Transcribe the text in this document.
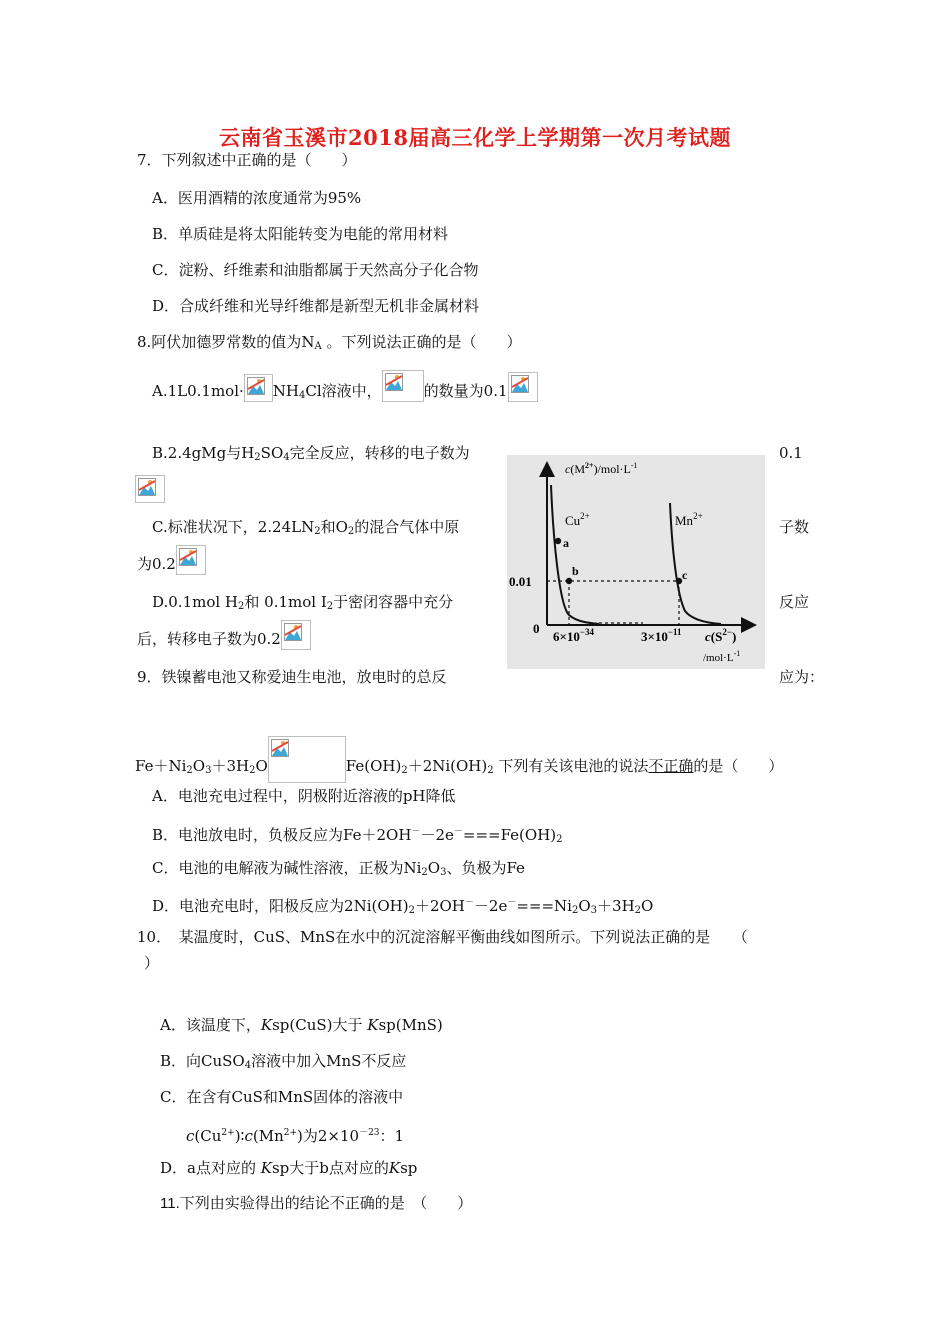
云南省玉溪市2018届高三化学上学期第一次月考试题
7．下列叙述中正确的是（　　）
A．医用酒精的浓度通常为95%
B．单质硅是将太阳能转变为电能的常用材料
C．淀粉、纤维素和油脂都属于天然高分子化合物
D．合成纤维和光导纤维都是新型无机非金属材料
8.阿伏加德罗常数的值为$N_A$ 。下列说法正确的是（　　）
$A.1L0.1mol\cdot NH_4Cl$溶液中，	的数量为0.1
B.2.4gMg与$H_2SO_4$完全反应，转移的电子数为	0.1
C.标准状况下，$2.24LN_2$和$O_2$的混合气体中原	子数
为0.2
D.0.1mol $H_2$和 0.1mol $I_2$于密闭容器中充分	反应
后，转移电子数为0.2
a
b	c
$c(M^{2+})/mol\cdot L^{-1}$
$Cu^{2+}$	$Mn^{2+}$
0.01
0
$6\times 10^{-34}$	$3\times 10^{-11}$ $c(S^{2-})$
$/mol\cdot L^{-1}$
9．铁镍蓄电池又称爱迪生电池，放电时的总反	应为：
$Fe+Ni_2O_3+3H_2O$	$Fe(OH)_2+2Ni(OH)_2$ 下列有关该电池的说法不正确的是（　　）
A．电池充电过程中，阴极附近溶液的pH降低
B．电池放电时，负极反应为$Fe+2OH^--2e^-===Fe(OH)_2$
C．电池的电解液为碱性溶液，正极为$Ni_2O_3$、负极为Fe
D．电池充电时，阳极反应为$2Ni(OH)_2+2OH^--2e^-===Ni_2O_3+3H_2O$
10．　某温度时，CuS、MnS在水中的沉淀溶解平衡曲线如图所示。下列说法正确的是　　（
）
A．该温度下，Ksp(CuS)大于 Ksp(MnS)
B．向CuSO$_4$溶液中加入MnS不反应
C．在含有CuS和MnS固体的溶液中
$c(Cu^{2+})∶c(Mn^{2+})$为$2\times 10^{-23}$：1
D．a点对应的 Ksp大于b点对应的Ksp
11.下列由实验得出的结论不正确的是　（　　）
